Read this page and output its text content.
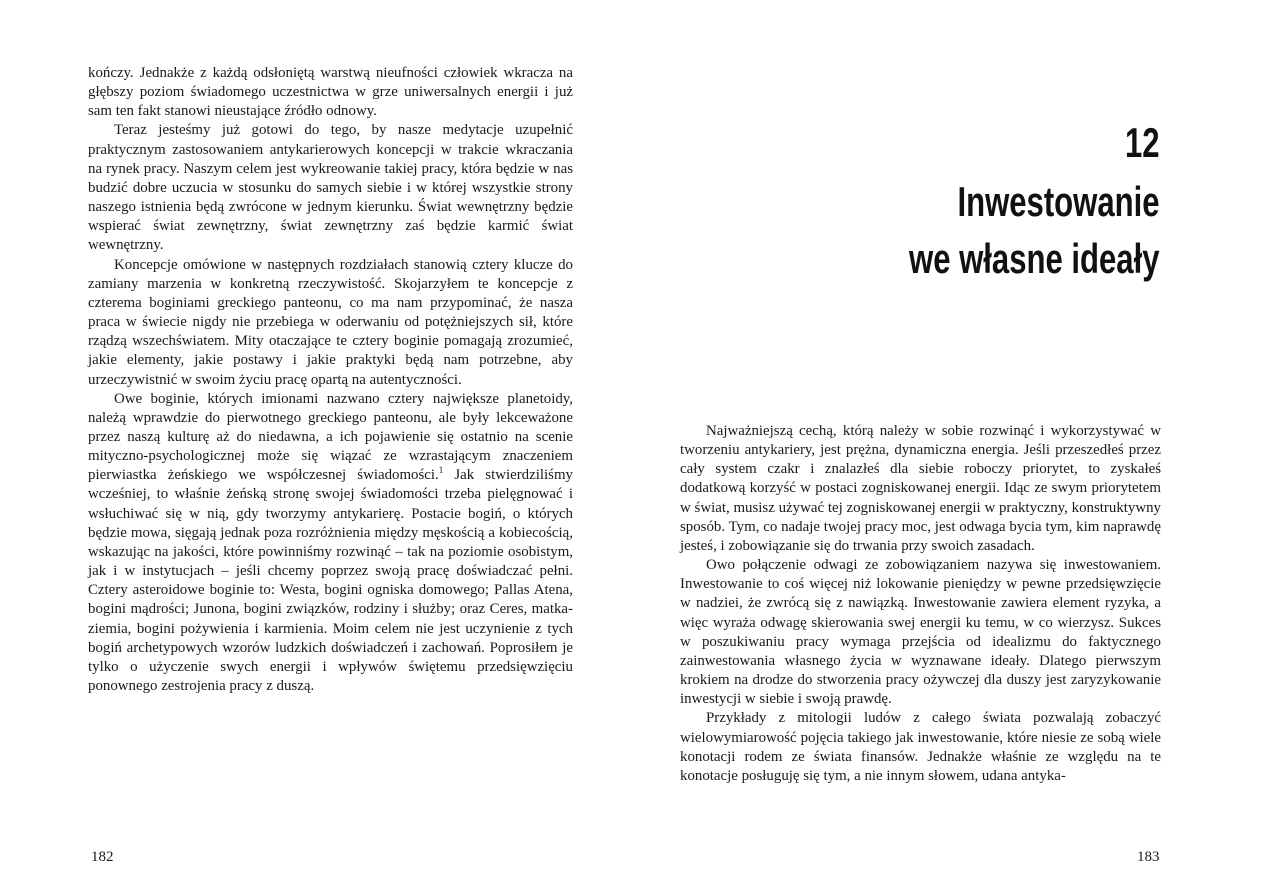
kończy. Jednakże z każdą odsłoniętą warstwą nieufności człowiek wkracza na głębszy poziom świadomego uczestnictwa w grze uniwersalnych energii i już sam ten fakt stanowi nieustające źródło odnowy.

Teraz jesteśmy już gotowi do tego, by nasze medytacje uzupełnić praktycznym zastosowaniem antykarierowych koncepcji w trakcie wkraczania na rynek pracy. Naszym celem jest wykreowanie takiej pracy, która będzie w nas budzić dobre uczucia w stosunku do samych siebie i w której wszystkie strony naszego istnienia będą zwrócone w jednym kierunku. Świat wewnętrzny będzie wspierać świat zewnętrzny, świat zewnętrzny zaś będzie karmić świat wewnętrzny.

Koncepcje omówione w następnych rozdziałach stanowią cztery klucze do zamiany marzenia w konkretną rzeczywistość. Skojarzyłem te koncepcje z czterema boginiami greckiego panteonu, co ma nam przypominać, że nasza praca w świecie nigdy nie przebiega w oderwaniu od potężniejszych sił, które rządzą wszechświatem. Mity otaczające te cztery boginie pomagają zrozumieć, jakie elementy, jakie postawy i jakie praktyki będą nam potrzebne, aby urzeczywistnić w swoim życiu pracę opartą na autentyczności.

Owe boginie, których imionami nazwano cztery największe planetoidy, należą wprawdzie do pierwotnego greckiego panteonu, ale były lekceważone przez naszą kulturę aż do niedawna, a ich pojawienie się ostatnio na scenie mityczno-psychologicznej może się wiązać ze wzrastającym znaczeniem pierwiastka żeńskiego we współczesnej świadomości.$^1$ Jak stwierdziliśmy wcześniej, to właśnie żeńską stronę swojej świadomości trzeba pielęgnować i wsłuchiwać się w nią, gdy tworzymy antykarierę. Postacie bogiń, o których będzie mowa, sięgają jednak poza rozróżnienia między męskością a kobiecością, wskazując na jakości, które powinniśmy rozwinąć – tak na poziomie osobistym, jak i w instytucjach – jeśli chcemy poprzez swoją pracę doświadczać pełni. Cztery asteroidowe boginie to: Westa, bogini ogniska domowego; Pallas Atena, bogini mądrości; Junona, bogini związków, rodziny i służby; oraz Ceres, matka-ziemia, bogini pożywienia i karmienia. Moim celem nie jest uczynienie z tych bogiń archetypowych wzorów ludzkich doświadczeń i zachowań. Poprosiłem je tylko o użyczenie swych energii i wpływów świętemu przedsięwzięciu ponownego zestrojenia pracy z duszą.

182
12
Inwestowanie
we własne ideały

Najważniejszą cechą, którą należy w sobie rozwinąć i wykorzystywać w tworzeniu antykariery, jest prężna, dynamiczna energia. Jeśli przeszedłeś przez cały system czakr i znalazłeś dla siebie roboczy priorytet, to zyskałeś dodatkową korzyść w postaci zogniskowanej energii. Idąc ze swym priorytetem w świat, musisz używać tej zogniskowanej energii w praktyczny, konstruktywny sposób. Tym, co nadaje twojej pracy moc, jest odwaga bycia tym, kim naprawdę jesteś, i zobowiązanie się do trwania przy swoich zasadach.

Owo połączenie odwagi ze zobowiązaniem nazywa się inwestowaniem. Inwestowanie to coś więcej niż lokowanie pieniędzy w pewne przedsięwzięcie w nadziei, że zwrócą się z nawiązką. Inwestowanie zawiera element ryzyka, a więc wyraża odwagę skierowania swej energii ku temu, w co wierzysz. Sukces w poszukiwaniu pracy wymaga przejścia od idealizmu do faktycznego zainwestowania własnego życia w wyznawane ideały. Dlatego pierwszym krokiem na drodze do stworzenia pracy ożywczej dla duszy jest zaryzykowanie inwestycji w siebie i swoją prawdę.

Przykłady z mitologii ludów z całego świata pozwalają zobaczyć wielowymiarowość pojęcia takiego jak inwestowanie, które niesie ze sobą wiele konotacji rodem ze świata finansów. Jednakże właśnie ze względu na te konotacje posługuję się tym, a nie innym słowem, udana antyka-

183
